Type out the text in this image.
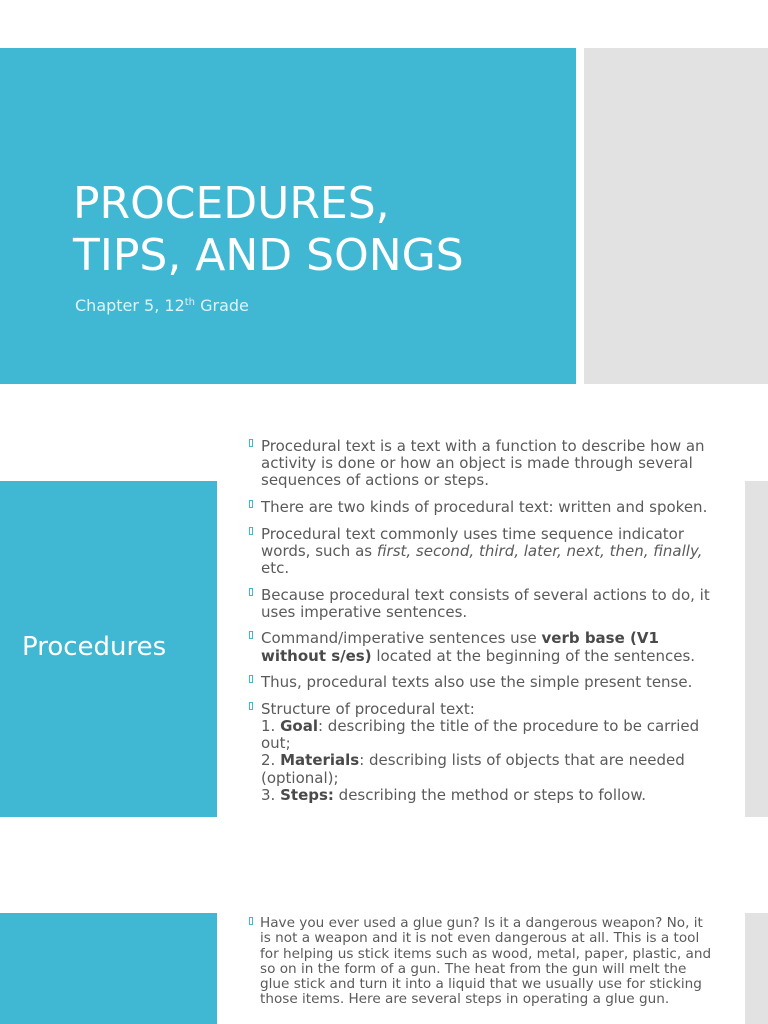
PROCEDURES,
TIPS, AND SONGS
Chapter 5, 12th Grade
Procedures
Procedural text is a text with a function to describe how an activity is done or how an object is made through several sequences of actions or steps.
There are two kinds of procedural text: written and spoken.
Procedural text commonly uses time sequence indicator words, such as first, second, third, later, next, then, finally, etc.
Because procedural text consists of several actions to do, it uses imperative sentences.
Command/imperative sentences use verb base (V1 without s/es) located at the beginning of the sentences.
Thus, procedural texts also use the simple present tense.
Structure of procedural text:
1. Goal: describing the title of the procedure to be carried out;
2. Materials: describing lists of objects that are needed (optional);
3. Steps: describing the method or steps to follow.
Have you ever used a glue gun? Is it a dangerous weapon? No, it is not a weapon and it is not even dangerous at all. This is a tool for helping us stick items such as wood, metal, paper, plastic, and so on in the form of a gun. The heat from the gun will melt the glue stick and turn it into a liquid that we usually use for sticking those items. Here are several steps in operating a glue gun.
